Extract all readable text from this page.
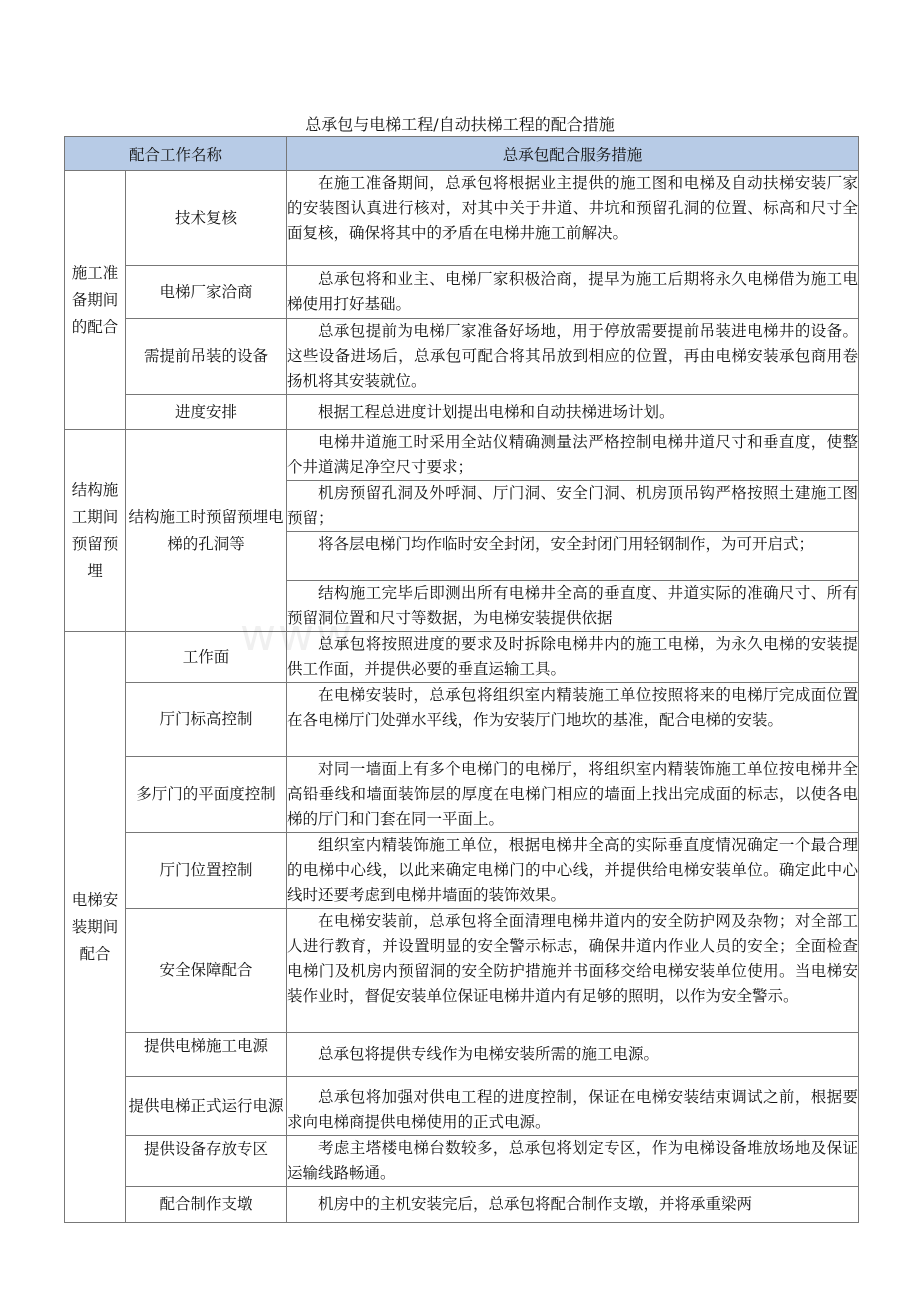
总承包与电梯工程/自动扶梯工程的配合措施
配合工作名称		总承包配合服务措施
施工准备期间的配合	技术复核	在施工准备期间，总承包将根据业主提供的施工图和电梯及自动扶梯安装厂家的安装图认真进行核对，对其中关于井道、井坑和预留孔洞的位置、标高和尺寸全面复核，确保将其中的矛盾在电梯井施工前解决。
	电梯厂家洽商	总承包将和业主、电梯厂家积极洽商，提早为施工后期将永久电梯借为施工电梯使用打好基础。
	需提前吊装的设备	总承包提前为电梯厂家准备好场地，用于停放需要提前吊装进电梯井的设备。这些设备进场后，总承包可配合将其吊放到相应的位置，再由电梯安装承包商用卷扬机将其安装就位。
	进度安排	根据工程总进度计划提出电梯和自动扶梯进场计划。
结构施工期间预留预埋	结构施工时预留预埋电梯的孔洞等	电梯井道施工时采用全站仪精确测量法严格控制电梯井道尺寸和垂直度，使整个井道满足净空尺寸要求；
		机房预留孔洞及外呼洞、厅门洞、安全门洞、机房顶吊钩严格按照土建施工图预留；
		将各层电梯门均作临时安全封闭，安全封闭门用轻钢制作，为可开启式；
		结构施工完毕后即测出所有电梯井全高的垂直度、井道实际的准确尺寸、所有预留洞位置和尺寸等数据，为电梯安装提供依据
电梯安装期间配合	工作面	总承包将按照进度的要求及时拆除电梯井内的施工电梯，为永久电梯的安装提供工作面，并提供必要的垂直运输工具。
	厅门标高控制	在电梯安装时，总承包将组织室内精装施工单位按照将来的电梯厅完成面位置在各电梯厅门处弹水平线，作为安装厅门地坎的基准，配合电梯的安装。
	多厅门的平面度控制	对同一墙面上有多个电梯门的电梯厅，将组织室内精装饰施工单位按电梯井全高铅垂线和墙面装饰层的厚度在电梯门相应的墙面上找出完成面的标志，以使各电梯的厅门和门套在同一平面上。
	厅门位置控制	组织室内精装饰施工单位，根据电梯井全高的实际垂直度情况确定一个最合理的电梯中心线，以此来确定电梯门的中心线，并提供给电梯安装单位。确定此中心线时还要考虑到电梯井墙面的装饰效果。
	安全保障配合	在电梯安装前，总承包将全面清理电梯井道内的安全防护网及杂物；对全部工人进行教育，并设置明显的安全警示标志，确保井道内作业人员的安全；全面检查电梯门及机房内预留洞的安全防护措施并书面移交给电梯安装单位使用。当电梯安装作业时，督促安装单位保证电梯井道内有足够的照明，以作为安全警示。
	提供电梯施工电源	总承包将提供专线作为电梯安装所需的施工电源。
	提供电梯正式运行电源	总承包将加强对供电工程的进度控制，保证在电梯安装结束调试之前，根据要求向电梯商提供电梯使用的正式电源。
	提供设备存放专区	考虑主塔楼电梯台数较多，总承包将划定专区，作为电梯设备堆放场地及保证运输线路畅通。
	配合制作支墩	机房中的主机安装完后，总承包将配合制作支墩，并将承重梁两
www.
